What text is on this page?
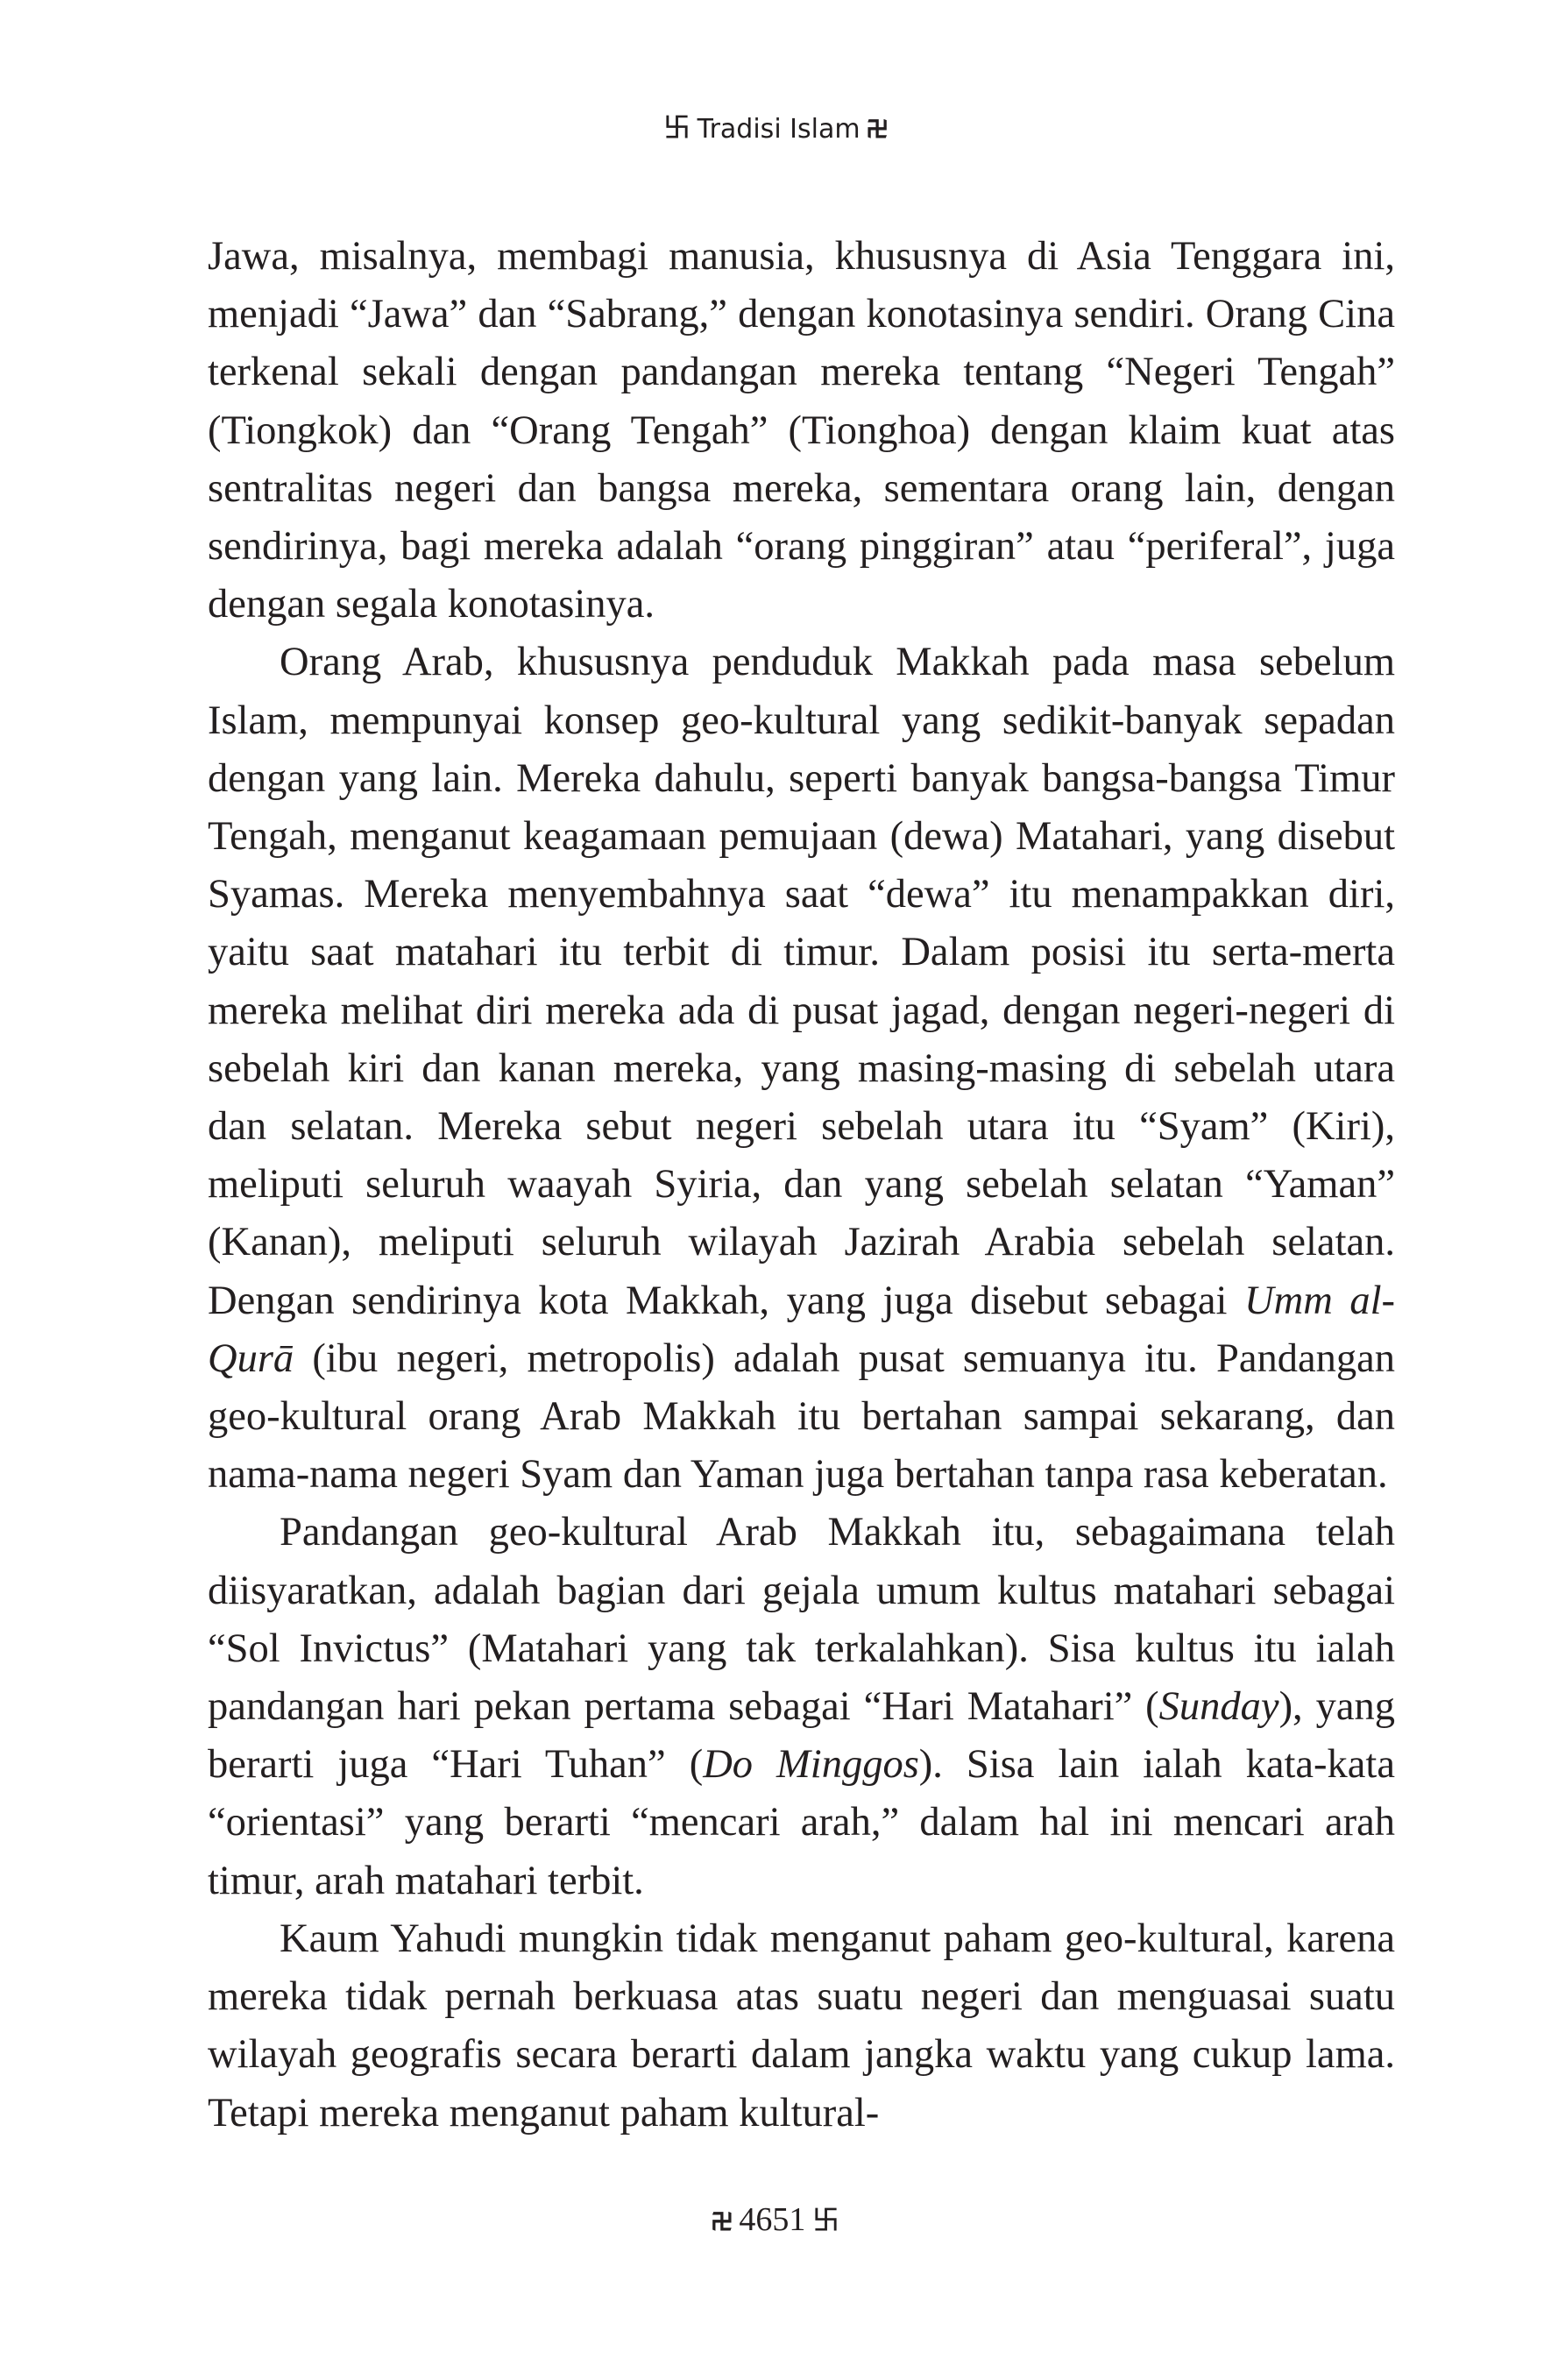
࿕ Tradisi Islam ࿖

Jawa, misalnya, membagi manusia, khususnya di Asia Tenggara ini, menjadi “Jawa” dan “Sabrang,” dengan konotasinya sendiri. Orang Cina terkenal sekali dengan pandangan mereka tentang “Negeri Tengah” (Tiongkok) dan “Orang Tengah” (Tionghoa) dengan klaim kuat atas sentralitas negeri dan bangsa mereka, sementara orang lain, dengan sendirinya, bagi mereka adalah “orang pinggiran” atau “periferal”, juga dengan segala konotasinya.

Orang Arab, khususnya penduduk Makkah pada masa sebelum Islam, mempunyai konsep geo-kultural yang sedikit-banyak sepadan dengan yang lain. Mereka dahulu, seperti banyak bangsa-bangsa Timur Tengah, menganut keagamaan pemujaan (dewa) Matahari, yang disebut Syamas. Mereka menyembahnya saat “dewa” itu menampakkan diri, yaitu saat matahari itu terbit di timur. Dalam posisi itu serta-merta mereka melihat diri mereka ada di pusat jagad, dengan negeri-negeri di sebelah kiri dan kanan mereka, yang masing-masing di sebelah utara dan selatan. Mereka sebut negeri sebelah utara itu “Syam” (Kiri), meliputi seluruh waayah Syiria, dan yang sebelah selatan “Yaman” (Kanan), meliputi seluruh wilayah Jazirah Arabia sebelah selatan. Dengan sendirinya kota Makkah, yang juga disebut sebagai Umm al-Qurā (ibu negeri, metropolis) adalah pusat semuanya itu. Pandangan geo-kultural orang Arab Makkah itu bertahan sampai sekarang, dan nama-nama negeri Syam dan Yaman juga bertahan tanpa rasa keberatan.

Pandangan geo-kultural Arab Makkah itu, sebagaimana telah diisyaratkan, adalah bagian dari gejala umum kultus matahari sebagai “Sol Invictus” (Matahari yang tak terkalahkan). Sisa kultus itu ialah pandangan hari pekan pertama sebagai “Hari Matahari” (Sunday), yang berarti juga “Hari Tuhan” (Do Minggos). Sisa lain ialah kata-kata “orientasi” yang berarti “mencari arah,” dalam hal ini mencari arah timur, arah matahari terbit.

Kaum Yahudi mungkin tidak menganut paham geo-kultural, karena mereka tidak pernah berkuasa atas suatu negeri dan menguasai suatu wilayah geografis secara berarti dalam jangka waktu yang cukup lama. Tetapi mereka menganut paham kultural-

࿖ 4651 ࿕
